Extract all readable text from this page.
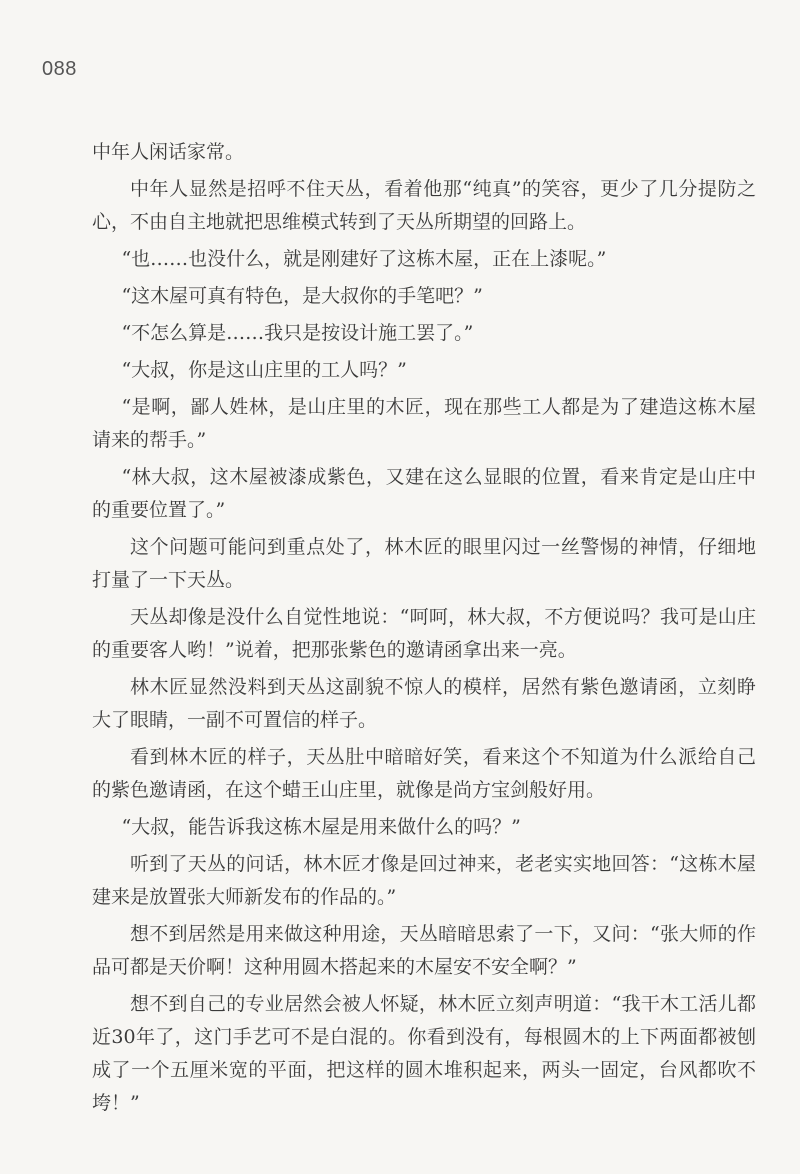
088

中年人闲话家常。

中年人显然是招呼不住天丛，看着他那“纯真”的笑容，更少了几分提防之心，不由自主地就把思维模式转到了天丛所期望的回路上。

“也……也没什么，就是刚建好了这栋木屋，正在上漆呢。”

“这木屋可真有特色，是大叔你的手笔吧？”

“不怎么算是……我只是按设计施工罢了。”

“大叔，你是这山庄里的工人吗？”

“是啊，鄙人姓林，是山庄里的木匠，现在那些工人都是为了建造这栋木屋请来的帮手。”

“林大叔，这木屋被漆成紫色，又建在这么显眼的位置，看来肯定是山庄中的重要位置了。”

这个问题可能问到重点处了，林木匠的眼里闪过一丝警惕的神情，仔细地打量了一下天丛。

天丛却像是没什么自觉性地说：“呵呵，林大叔，不方便说吗？我可是山庄的重要客人哟！”说着，把那张紫色的邀请函拿出来一亮。

林木匠显然没料到天丛这副貌不惊人的模样，居然有紫色邀请函，立刻睁大了眼睛，一副不可置信的样子。

看到林木匠的样子，天丛肚中暗暗好笑，看来这个不知道为什么派给自己的紫色邀请函，在这个蜡王山庄里，就像是尚方宝剑般好用。

“大叔，能告诉我这栋木屋是用来做什么的吗？”

听到了天丛的问话，林木匠才像是回过神来，老老实实地回答：“这栋木屋建来是放置张大师新发布的作品的。”

想不到居然是用来做这种用途，天丛暗暗思索了一下，又问：“张大师的作品可都是天价啊！这种用圆木搭起来的木屋安不安全啊？”

想不到自己的专业居然会被人怀疑，林木匠立刻声明道：“我干木工活儿都近30年了，这门手艺可不是白混的。你看到没有，每根圆木的上下两面都被刨成了一个五厘米宽的平面，把这样的圆木堆积起来，两头一固定，台风都吹不垮！”
